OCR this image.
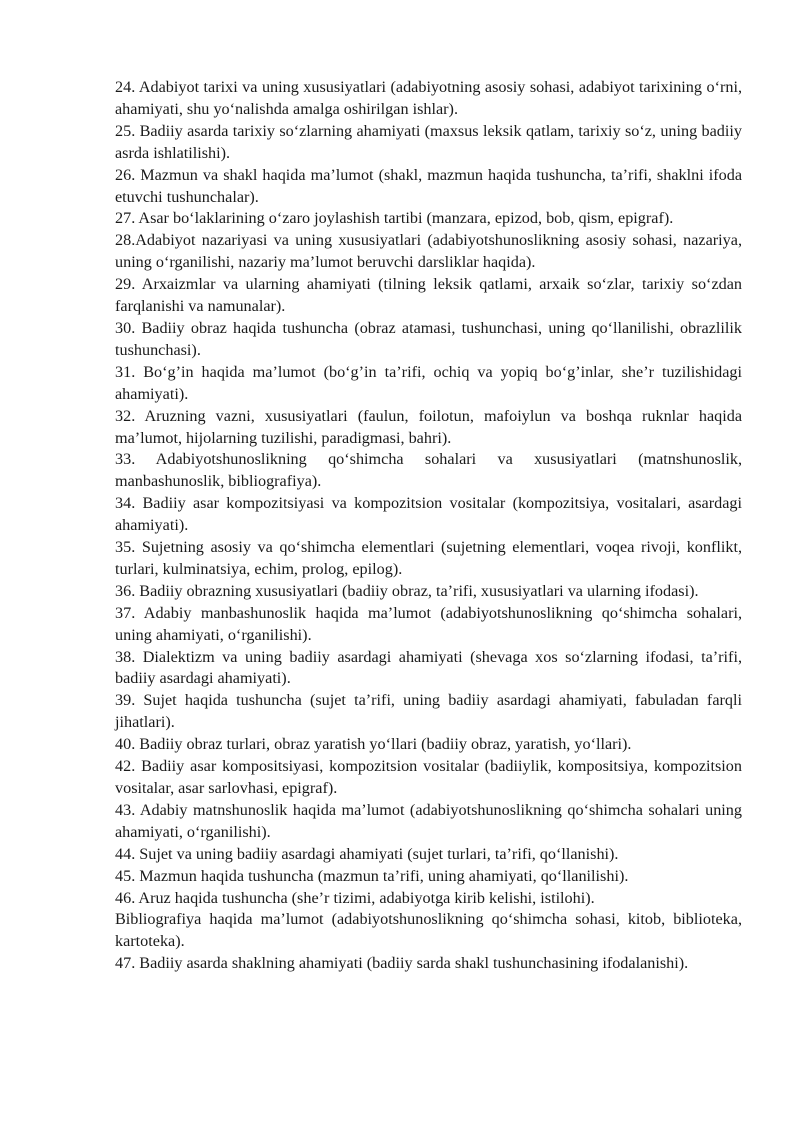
24. Adabiyot tarixi va uning xususiyatlari (adabiyotning asosiy sohasi, adabiyot tarixining o‘rni, ahamiyati, shu yo‘nalishda amalga oshirilgan ishlar).

25. Badiiy asarda tarixiy so‘zlarning ahamiyati (maxsus leksik qatlam, tarixiy so‘z, uning badiiy asrda ishlatilishi).

26. Mazmun va shakl haqida ma’lumot (shakl, mazmun haqida tushuncha, ta’rifi, shaklni ifoda etuvchi tushunchalar).

27. Asar bo‘laklarining o‘zaro joylashish tartibi (manzara, epizod, bob, qism, epigraf).

28.Adabiyot nazariyasi va uning xususiyatlari (adabiyotshunoslikning asosiy sohasi, nazariya, uning o‘rganilishi, nazariy ma’lumot beruvchi darsliklar haqida).

29. Arxaizmlar va ularning ahamiyati (tilning leksik qatlami, arxaik so‘zlar, tarixiy so‘zdan farqlanishi va namunalar).

30. Badiiy obraz haqida tushuncha (obraz atamasi, tushunchasi, uning qo‘llanilishi, obrazlilik tushunchasi).

31. Bo‘g’in haqida ma’lumot (bo‘g’in ta’rifi, ochiq va yopiq bo‘g’inlar, she’r tuzilishidagi ahamiyati).

32. Aruzning vazni, xususiyatlari (faulun, foilotun, mafoiylun va boshqa ruknlar haqida ma’lumot, hijolarning tuzilishi, paradigmasi, bahri).

33. Adabiyotshunoslikning qo‘shimcha sohalari va xususiyatlari (matnshunoslik, manbashunoslik, bibliografiya).

34. Badiiy asar kompozitsiyasi va kompozitsion vositalar (kompozitsiya, vositalari, asardagi ahamiyati).

35. Sujetning asosiy va qo‘shimcha elementlari (sujetning elementlari, voqea rivoji, konflikt, turlari, kulminatsiya, echim, prolog, epilog).

36. Badiiy obrazning xususiyatlari (badiiy obraz, ta’rifi, xususiyatlari va ularning ifodasi).

37. Adabiy manbashunoslik haqida ma’lumot (adabiyotshunoslikning qo‘shimcha sohalari, uning ahamiyati, o‘rganilishi).

38. Dialektizm va uning badiiy asardagi ahamiyati (shevaga xos so‘zlarning ifodasi, ta’rifi, badiiy asardagi ahamiyati).

39. Sujet haqida tushuncha (sujet ta’rifi, uning badiiy asardagi ahamiyati, fabuladan farqli jihatlari).

40. Badiiy obraz turlari, obraz yaratish yo‘llari (badiiy obraz, yaratish, yo‘llari).

42. Badiiy asar kompositsiyasi, kompozitsion vositalar (badiiylik, kompositsiya, kompozitsion vositalar, asar sarlovhasi, epigraf).

43. Adabiy matnshunoslik haqida ma’lumot (adabiyotshunoslikning qo‘shimcha sohalari uning ahamiyati, o‘rganilishi).

44. Sujet va uning badiiy asardagi ahamiyati (sujet turlari, ta’rifi, qo‘llanishi).

45. Mazmun haqida tushuncha (mazmun ta’rifi, uning ahamiyati, qo‘llanilishi).

46. Aruz haqida tushuncha (she’r tizimi, adabiyotga kirib kelishi, istilohi).

Bibliografiya haqida ma’lumot (adabiyotshunoslikning qo‘shimcha sohasi, kitob, biblioteka, kartoteka).

47. Badiiy asarda shaklning ahamiyati (badiiy sarda shakl tushunchasining ifodalanishi).
